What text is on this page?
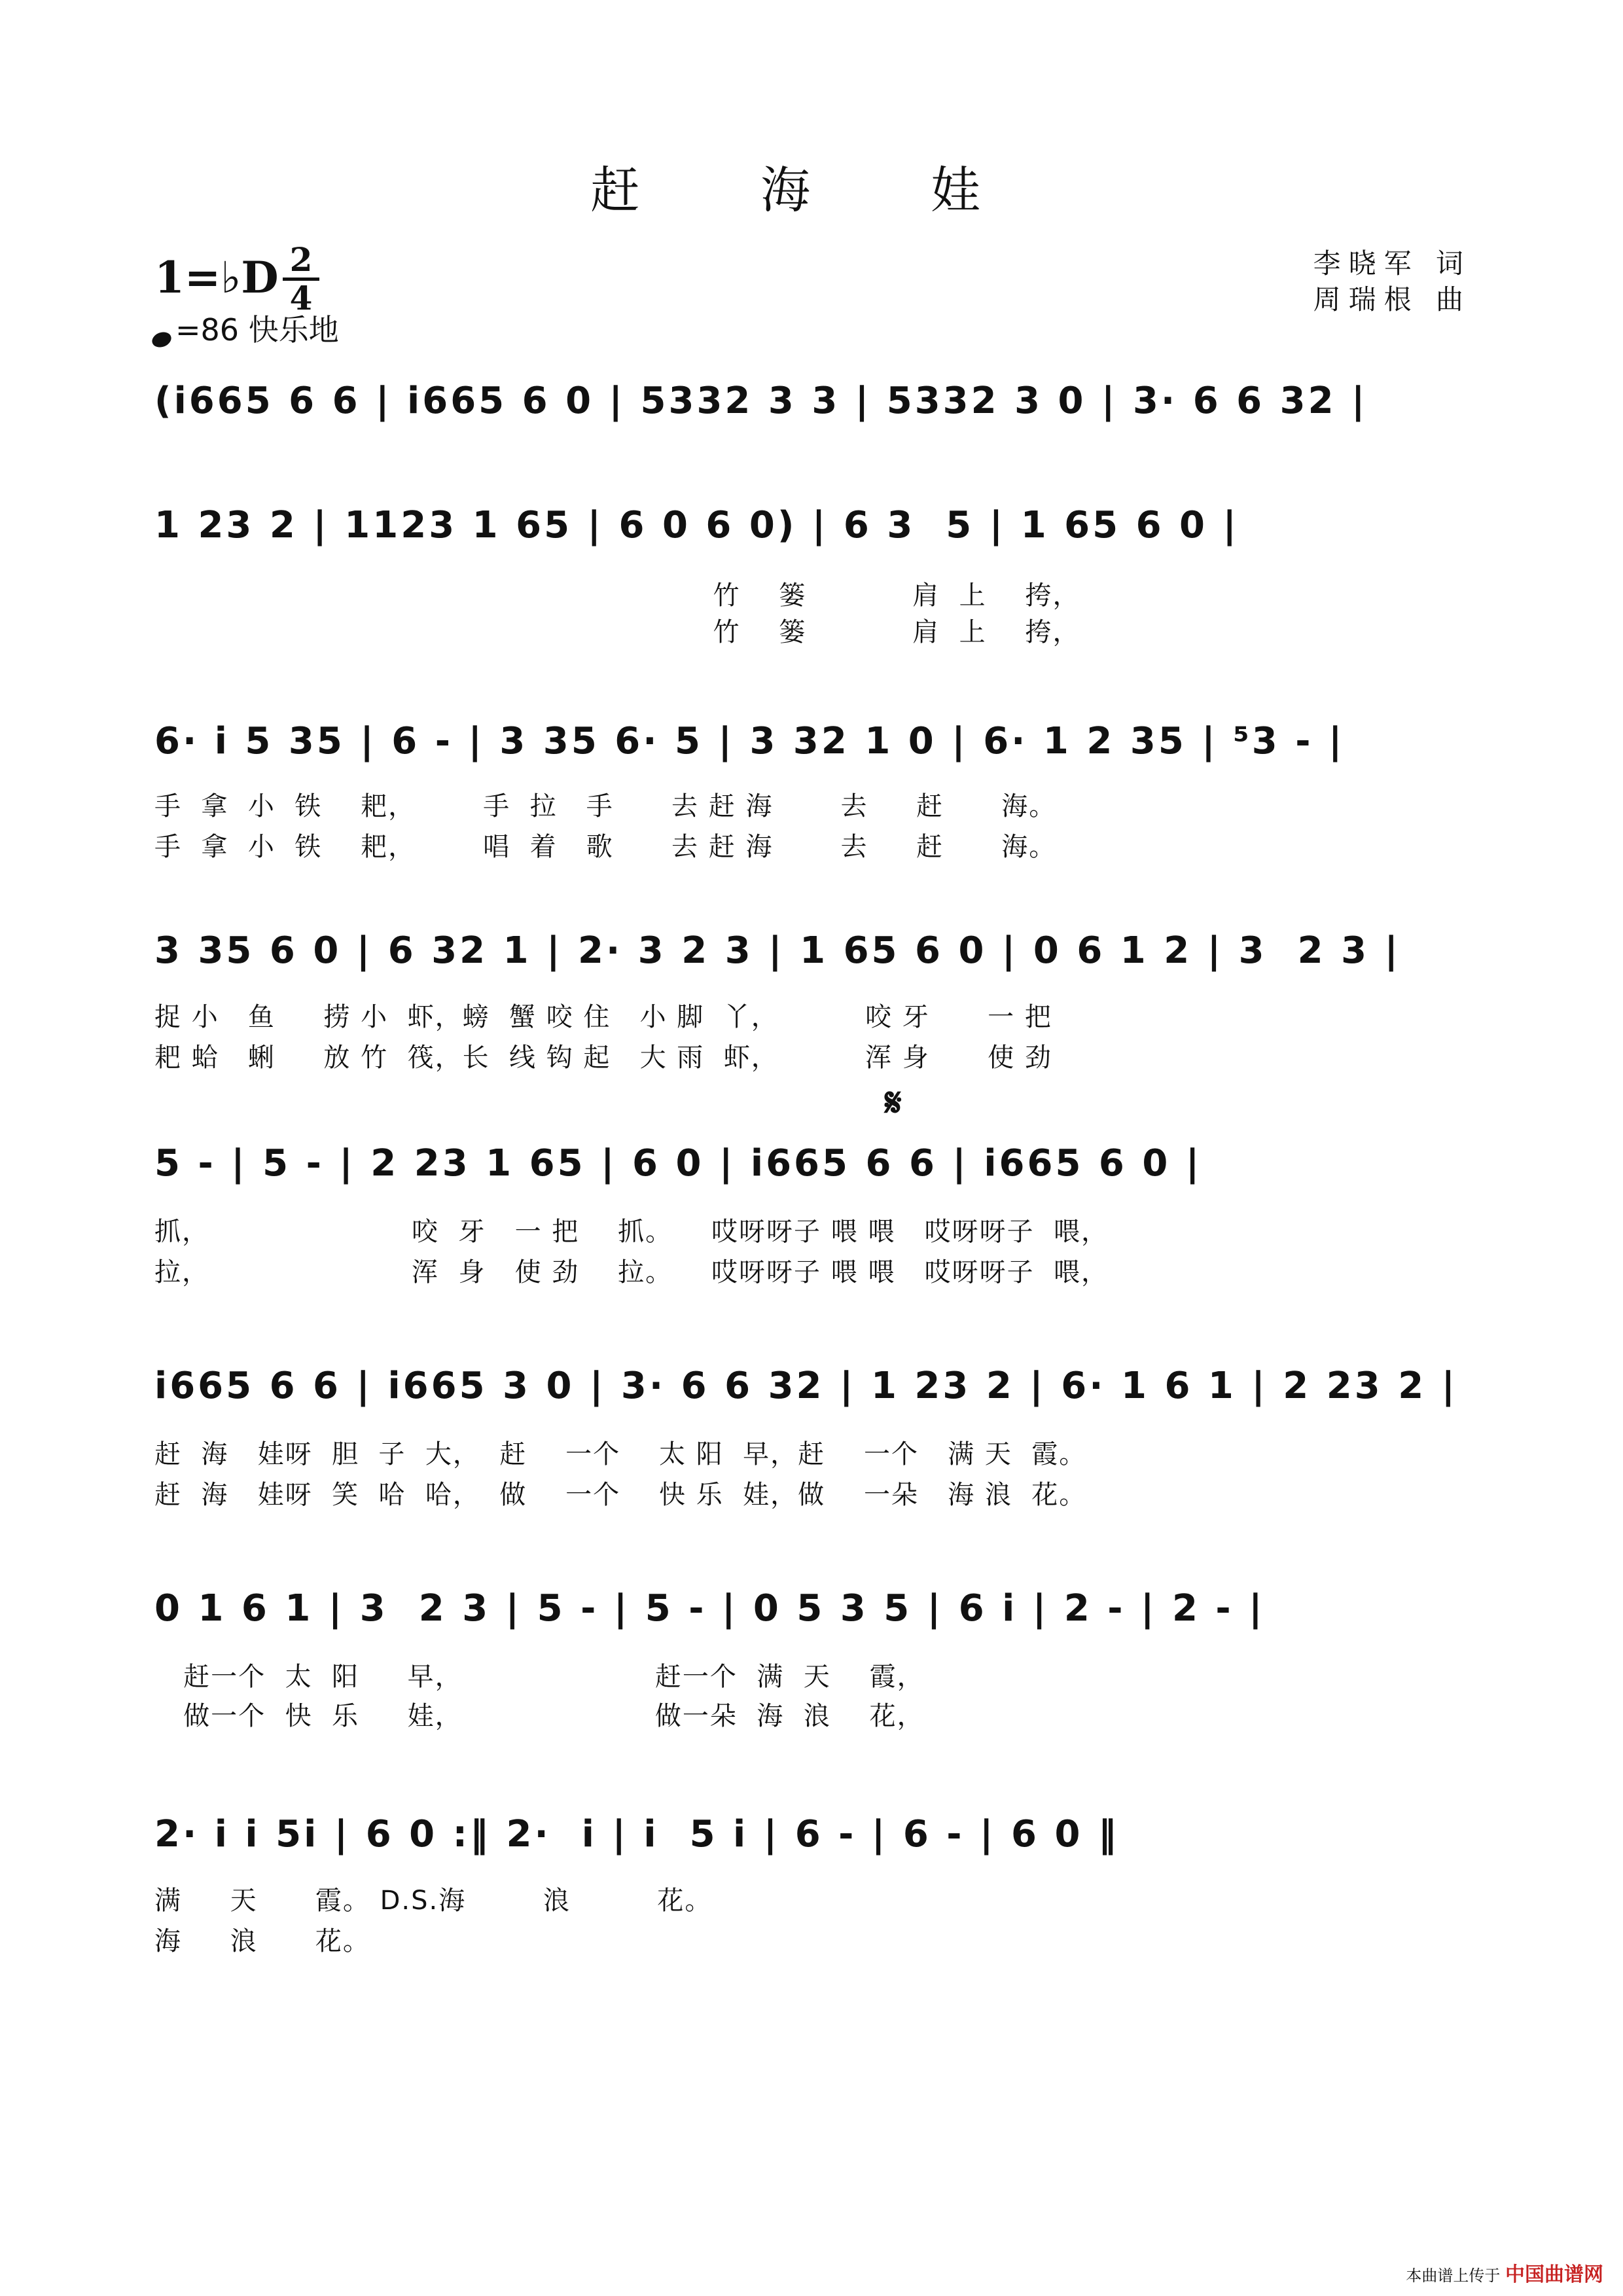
赶 海 娃
1=♭D 2
4
=86 快乐地
李晓军 词
周瑞根 曲
(i665 6 6 | i665 6 0 | 5332 3 3 | 5332 3 0 | 3· 6 6 32 |
1 23 2 | 1123 1 65 | 6 0 6 0) | 6 3  5 | 1 65 6 0 |
竹    篓           肩  上    挎，
竹    篓           肩  上    挎，
6· i 5 35 | 6 - | 3 35 6· 5 | 3 32 1 0 | 6· 1 2 35 | ⁵3 - |
手  拿  小  铁    耙，       手  拉   手      去 赶 海       去     赶      海。
手  拿  小  铁    耙，       唱  着   歌      去 赶 海       去     赶      海。
3 35 6 0 | 6 32 1 | 2· 3 2 3 | 1 65 6 0 | 0 6 1 2 | 3  2 3 |
捉 小   鱼     捞 小  虾，螃  蟹 咬 住   小 脚  丫，         咬 牙      一 把
耙 蛤   蜊     放 竹  筏，长  线 钩 起   大 雨  虾，         浑 身      使 劲
𝄋
5 - | 5 - | 2 23 1 65 | 6 0 | i665 6 6 | i665 6 0 |
抓，                     咬  牙   一 把    抓。    哎呀呀子 喂 喂   哎呀呀子  喂，
拉，                     浑  身   使 劲    拉。    哎呀呀子 喂 喂   哎呀呀子  喂，
i665 6 6 | i665 3 0 | 3· 6 6 32 | 1 23 2 | 6· 1 6 1 | 2 23 2 |
赶  海   娃呀  胆  子  大，  赶    一个    太 阳  早，赶    一个   满 天  霞。
赶  海   娃呀  笑  哈  哈，  做    一个    快 乐  娃，做    一朵   海 浪  花。
0 1 6 1 | 3  2 3 | 5 - | 5 - | 0 5 3 5 | 6 i | 2 - | 2 - |
赶一个  太  阳     早，                    赶一个  满  天    霞，
做一个  快  乐     娃，                    做一朵  海  浪    花，
2· i i 5i | 6 0 :‖ 2·  i | i  5 i | 6 - | 6 - | 6 0 ‖
满     天      霞。 D.S.海        浪         花。
海     浪      花。
本曲谱上传于 中国曲谱网
